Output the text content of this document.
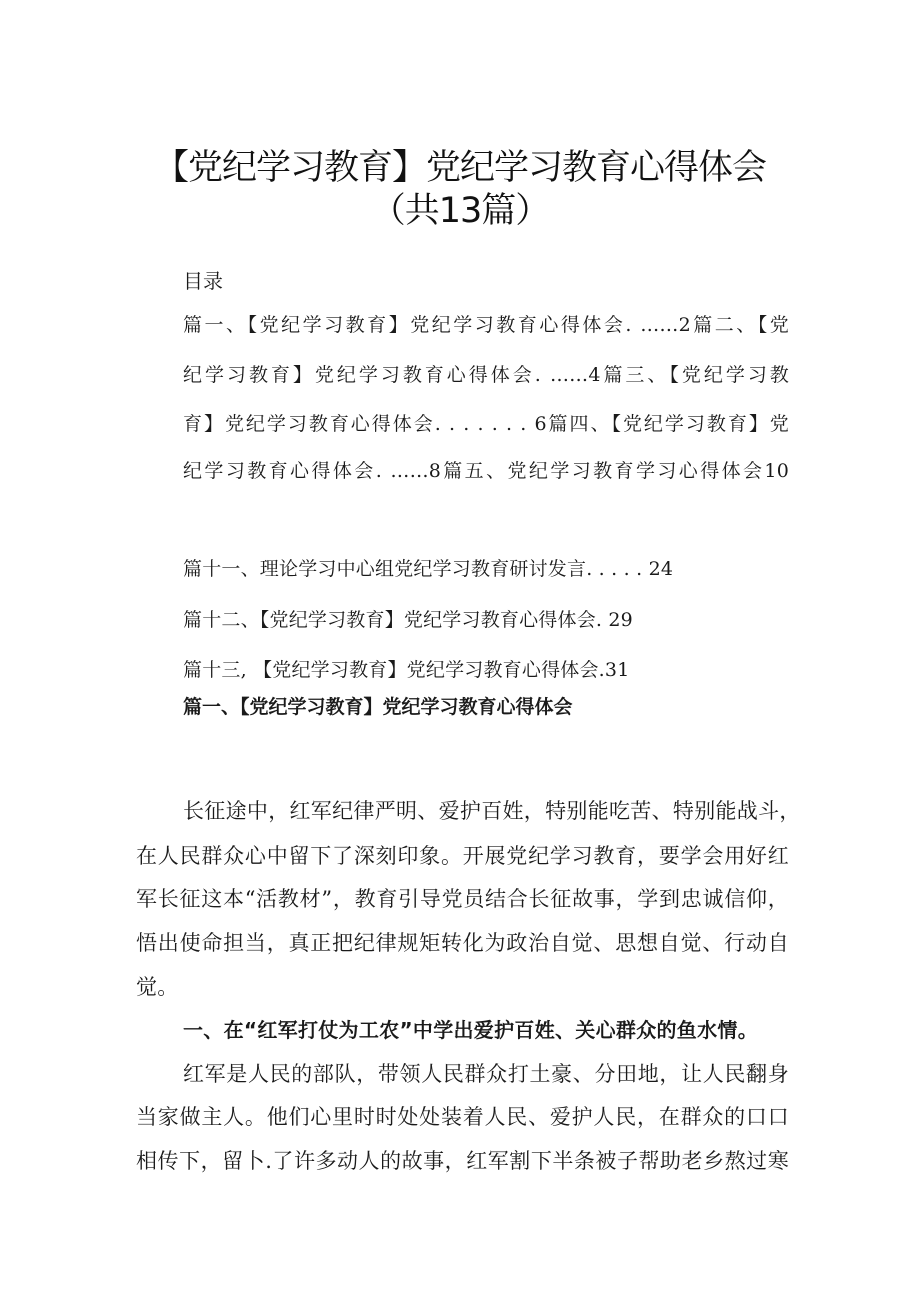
【党纪学习教育】党纪学习教育心得体会
（共13篇）
目录
篇一、【党纪学习教育】党纪学习教育心得体会. ……2篇二、【党
纪学习教育】党纪学习教育心得体会. ……4篇三、【党纪学习教
育】党纪学习教育心得体会. . . . . . . 6篇四、【党纪学习教育】党
纪学习教育心得体会. ……8篇五、党纪学习教育学习心得体会10
篇十一、理论学习中心组党纪学习教育研讨发言. . . . . 24
篇十二、【党纪学习教育】党纪学习教育心得体会. 29
篇十三, 【党纪学习教育】党纪学习教育心得体会.31
篇一、【党纪学习教育】党纪学习教育心得体会
长征途中，红军纪律严明、爱护百姓，特别能吃苦、特别能战斗，
在人民群众心中留下了深刻印象。开展党纪学习教育，要学会用好红
军长征这本“活教材”，教育引导党员结合长征故事，学到忠诚信仰，
悟出使命担当，真正把纪律规矩转化为政治自觉、思想自觉、行动自
觉。
一、在“红军打仗为工农”中学出爱护百姓、关心群众的鱼水情。
红军是人民的部队，带领人民群众打土豪、分田地，让人民翻身
当家做主人。他们心里时时处处装着人民、爱护人民，在群众的口口
相传下，留卜.了许多动人的故事，红军割下半条被子帮助老乡熬过寒
